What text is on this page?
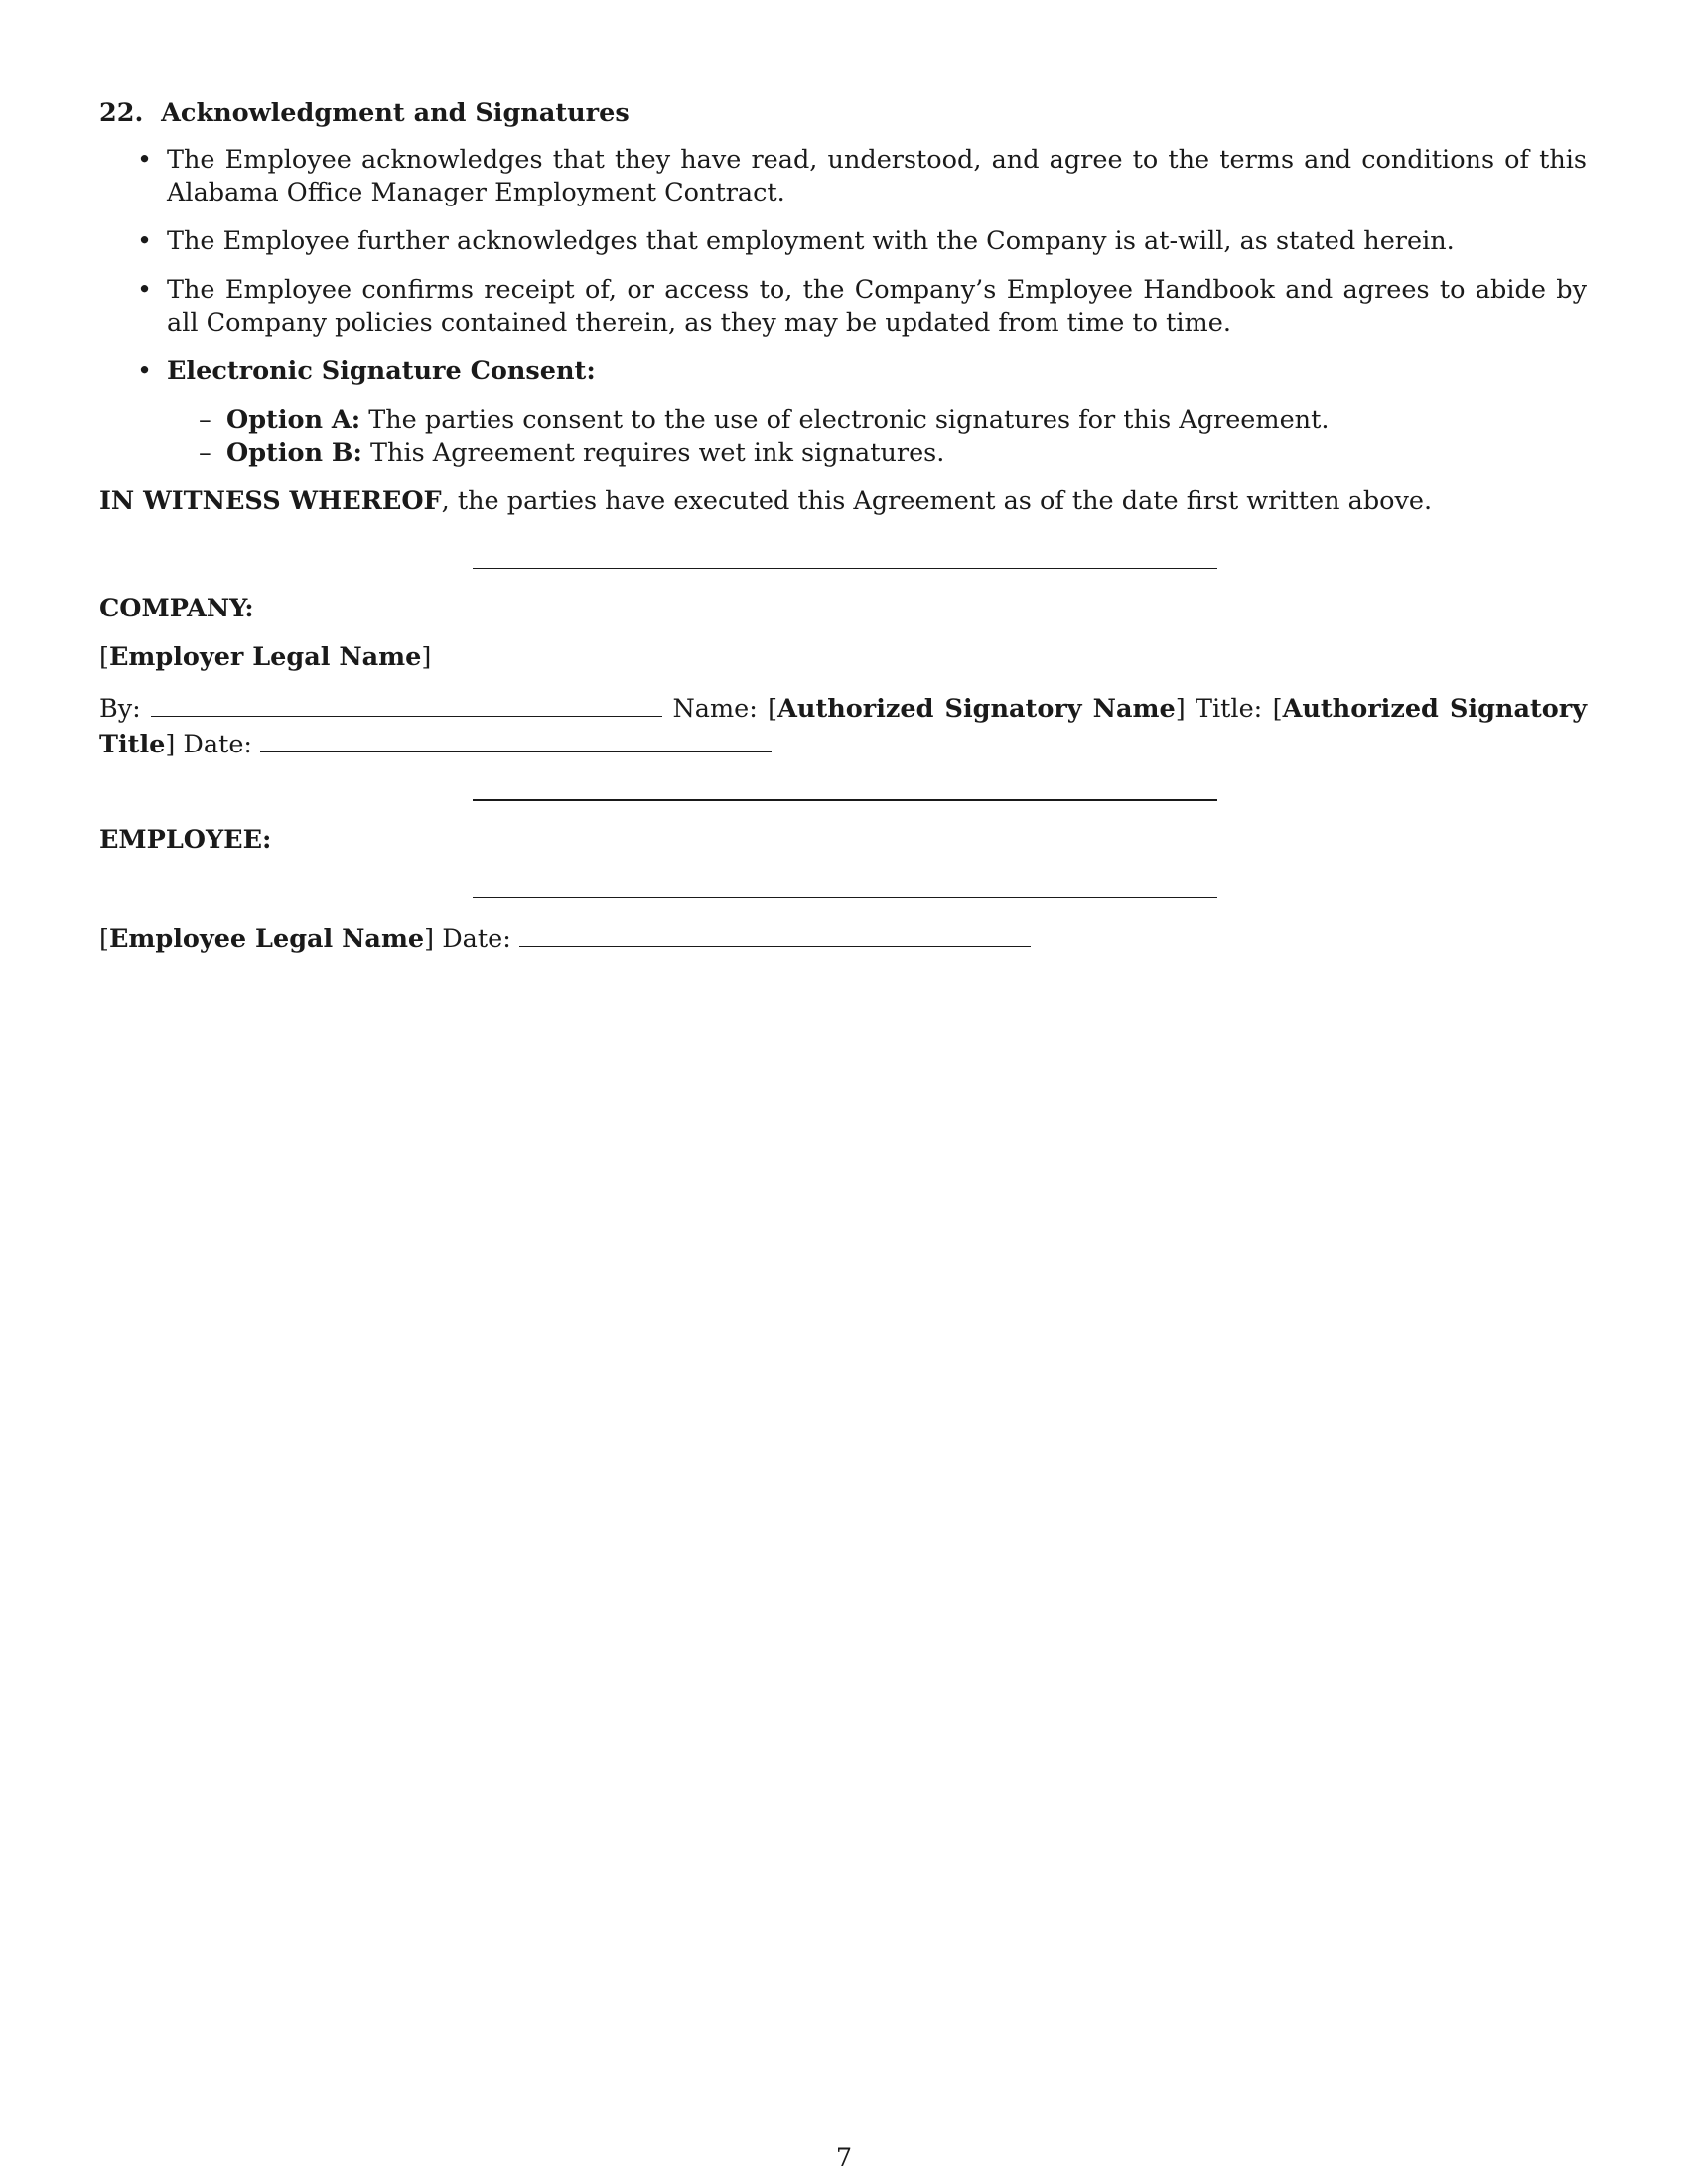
22. Acknowledgment and Signatures
• The Employee acknowledges that they have read, understood, and agree to the terms and conditions of this Alabama Office Manager Employment Contract.
• The Employee further acknowledges that employment with the Company is at-will, as stated herein.
• The Employee confirms receipt of, or access to, the Company’s Employee Handbook and agrees to abide by all Company policies contained therein, as they may be updated from time to time.
• Electronic Signature Consent:
– Option A: The parties consent to the use of electronic signatures for this Agreement.
– Option B: This Agreement requires wet ink signatures.
IN WITNESS WHEREOF, the parties have executed this Agreement as of the date first written above.
COMPANY:
[Employer Legal Name]
By:	Name: [Authorized Signatory Name] Title: [Authorized Signatory Title] Date:
EMPLOYEE:
[Employee Legal Name] Date:
7
